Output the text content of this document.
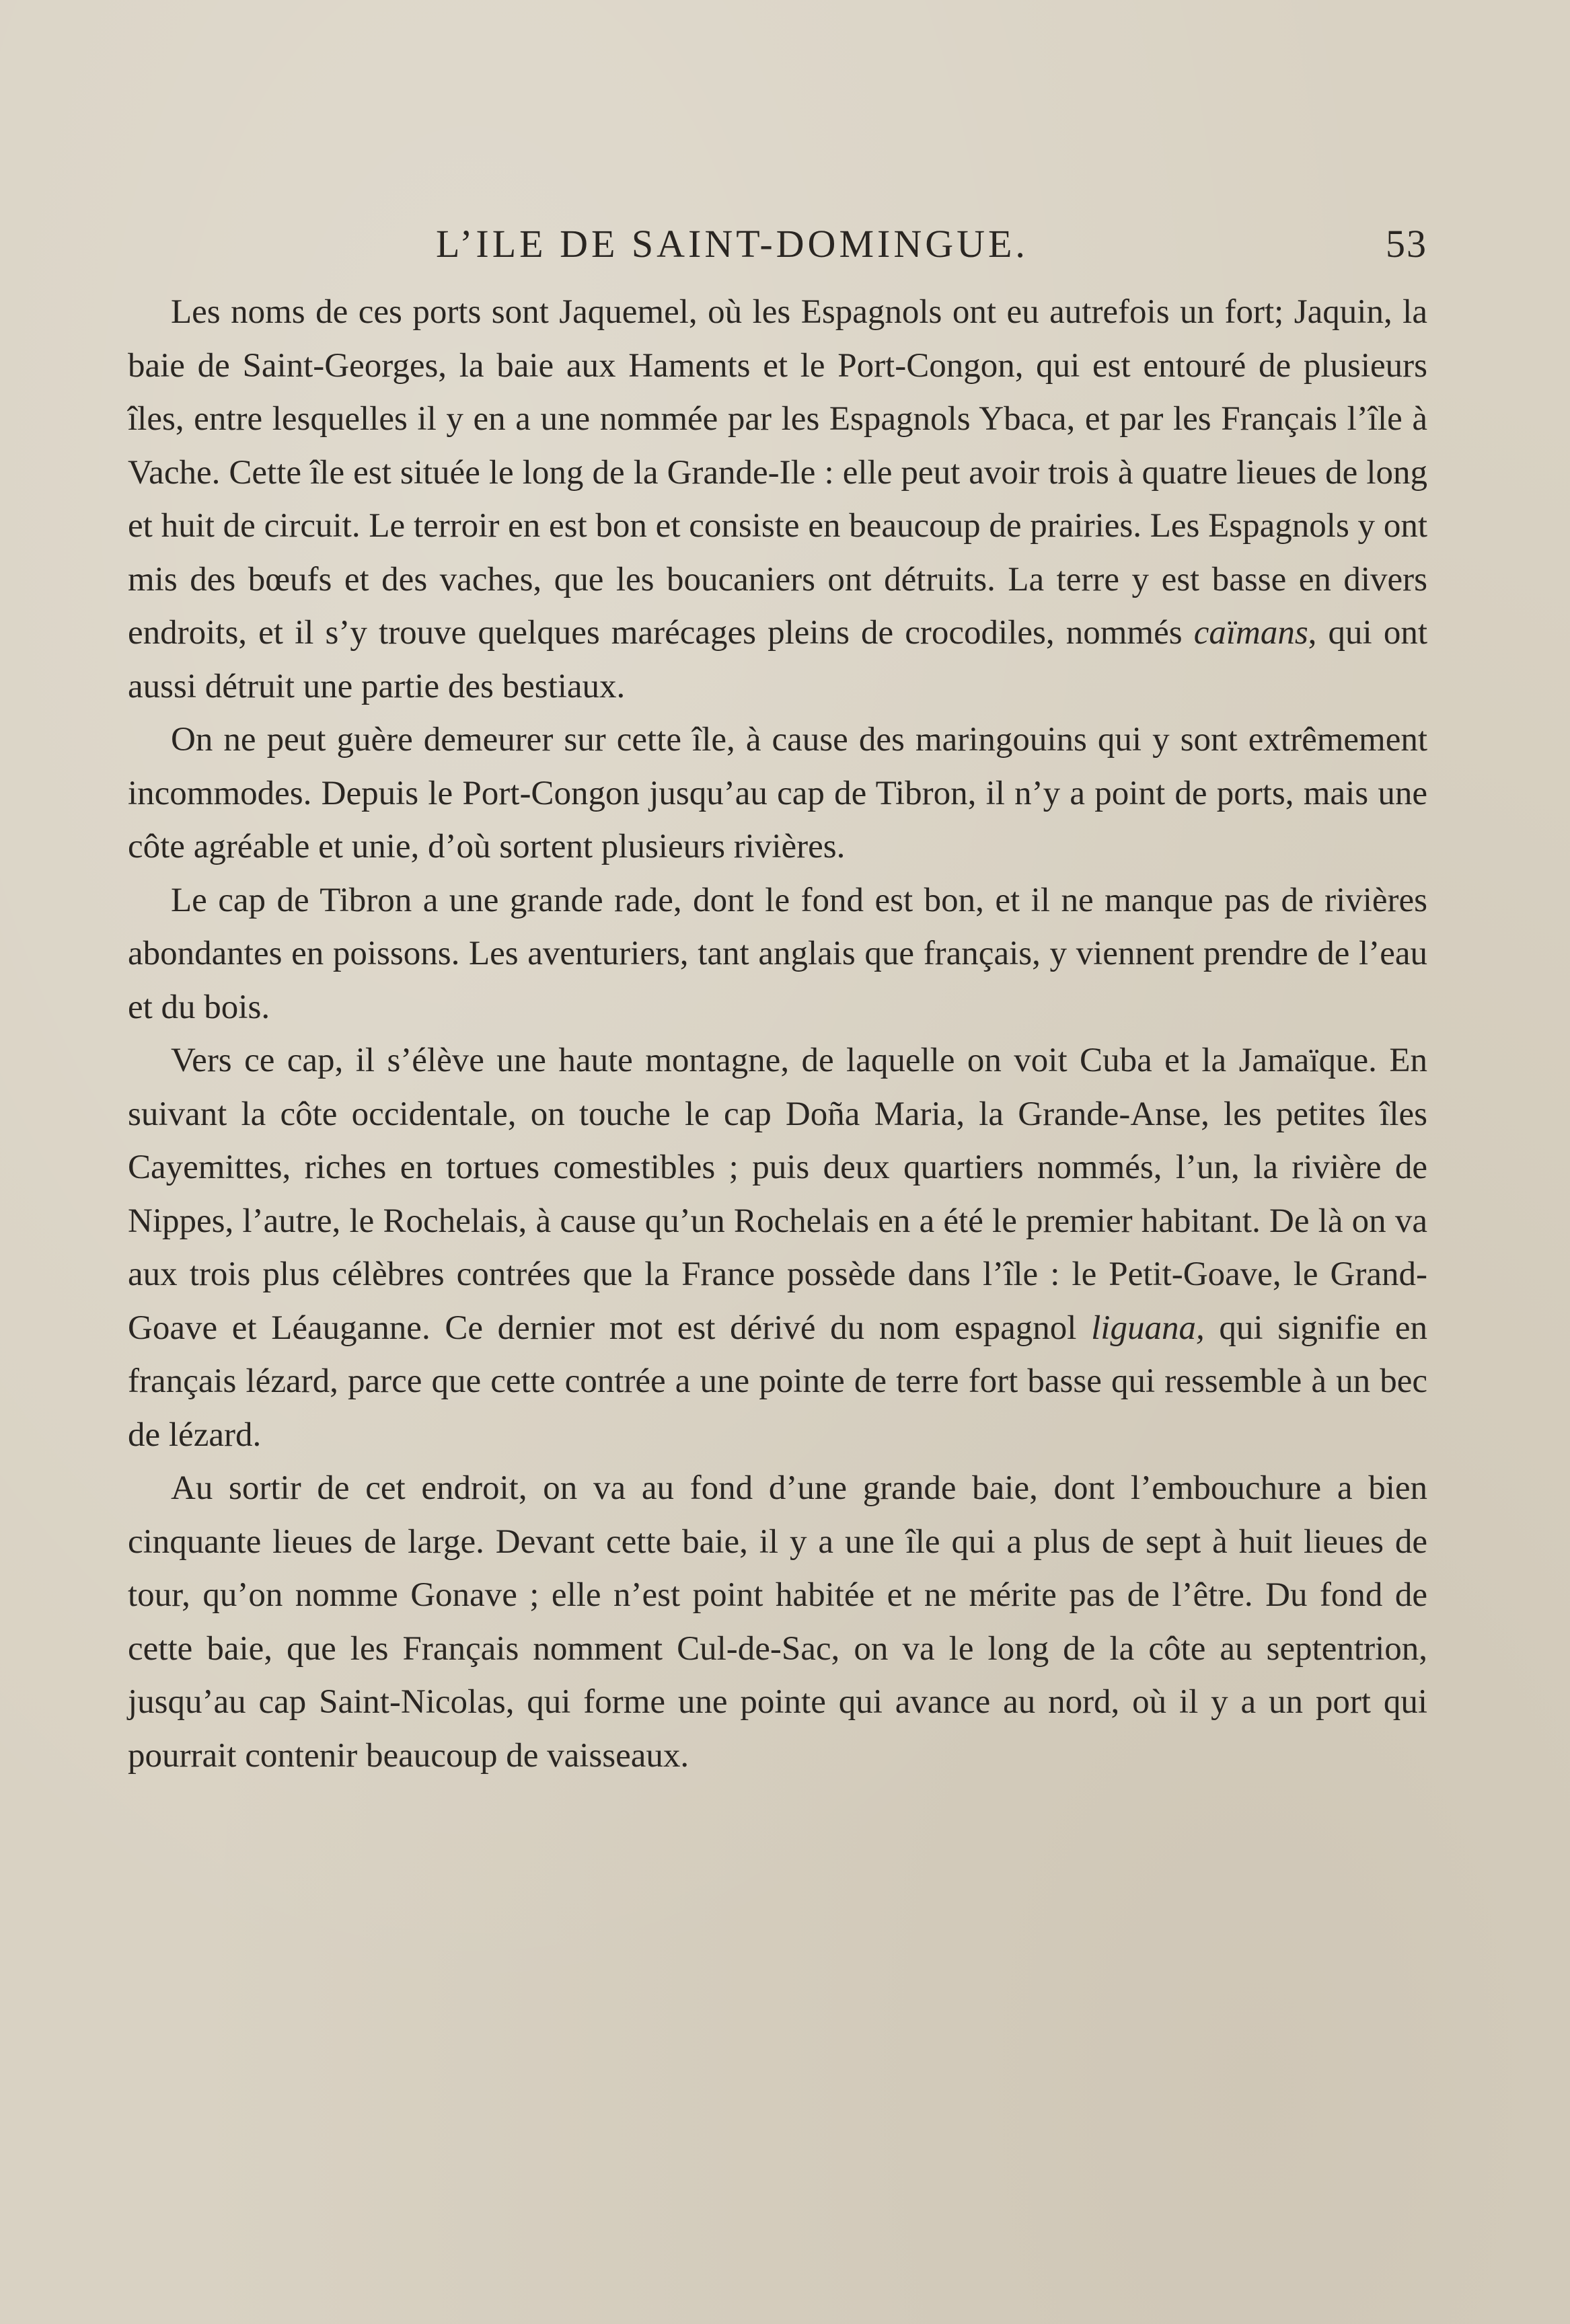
L’ILE DE SAINT-DOMINGUE.	53

Les noms de ces ports sont Jaquemel, où les Espagnols ont eu autrefois un fort; Jaquin, la baie de Saint-Georges, la baie aux Haments et le Port-Congon, qui est entouré de plusieurs îles, entre lesquelles il y en a une nommée par les Espagnols Ybaca, et par les Français l’île à Vache. Cette île est située le long de la Grande-Ile : elle peut avoir trois à quatre lieues de long et huit de circuit. Le terroir en est bon et consiste en beaucoup de prairies. Les Espagnols y ont mis des bœufs et des vaches, que les boucaniers ont détruits. La terre y est basse en divers endroits, et il s’y trouve quelques marécages pleins de crocodiles, nommés caïmans, qui ont aussi détruit une partie des bestiaux.

On ne peut guère demeurer sur cette île, à cause des maringouins qui y sont extrêmement incommodes. Depuis le Port-Congon jusqu’au cap de Tibron, il n’y a point de ports, mais une côte agréable et unie, d’où sortent plusieurs rivières.

Le cap de Tibron a une grande rade, dont le fond est bon, et il ne manque pas de rivières abondantes en poissons. Les aventuriers, tant anglais que français, y viennent prendre de l’eau et du bois.

Vers ce cap, il s’élève une haute montagne, de laquelle on voit Cuba et la Jamaïque. En suivant la côte occidentale, on touche le cap Doña Maria, la Grande-Anse, les petites îles Cayemittes, riches en tortues comestibles ; puis deux quartiers nommés, l’un, la rivière de Nippes, l’autre, le Rochelais, à cause qu’un Rochelais en a été le premier habitant. De là on va aux trois plus célèbres contrées que la France possède dans l’île : le Petit-Goave, le Grand-Goave et Léauganne. Ce dernier mot est dérivé du nom espagnol liguana, qui signifie en français lézard, parce que cette contrée a une pointe de terre fort basse qui ressemble à un bec de lézard.

Au sortir de cet endroit, on va au fond d’une grande baie, dont l’embouchure a bien cinquante lieues de large. Devant cette baie, il y a une île qui a plus de sept à huit lieues de tour, qu’on nomme Gonave ; elle n’est point habitée et ne mérite pas de l’être. Du fond de cette baie, que les Français nomment Cul-de-Sac, on va le long de la côte au septentrion, jusqu’au cap Saint-Nicolas, qui forme une pointe qui avance au nord, où il y a un port qui pourrait contenir beaucoup de vaisseaux.
